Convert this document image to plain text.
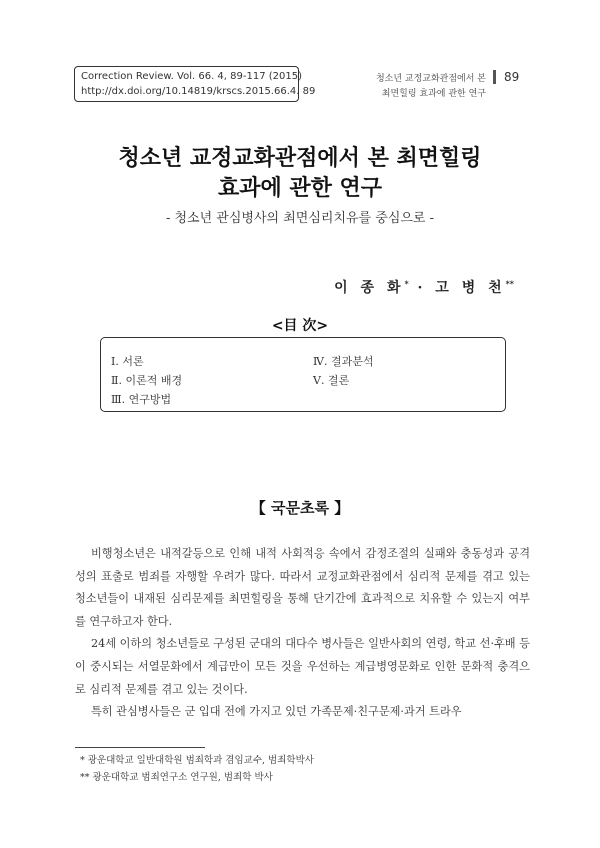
Correction Review. Vol. 66. 4, 89-117 (2015)
http://dx.doi.org/10.14819/krscs.2015.66.4. 89
청소년 교정교화관점에서 본
최면힐링 효과에 관한 연구
89
청소년 교정교화관점에서 본 최면힐링
효과에 관한 연구
- 청소년 관심병사의 최면심리치유를 중심으로 -
이 종 화* · 고 병 천**
<目 次>
Ⅰ. 서론
Ⅱ. 이론적 배경
Ⅲ. 연구방법
Ⅳ. 결과분석
Ⅴ. 결론
【 국문초록 】

비행청소년은 내적갈등으로 인해 내적 사회적응 속에서 감정조절의 실패와 충동성과 공격성의 표출로 범죄를 자행할 우려가 많다. 따라서 교정교화관점에서 심리적 문제를 겪고 있는 청소년들이 내재된 심리문제를 최면힐링을 통해 단기간에 효과적으로 치유할 수 있는지 여부를 연구하고자 한다.

24세 이하의 청소년들로 구성된 군대의 대다수 병사들은 일반사회의 연령, 학교 선·후배 등이 중시되는 서열문화에서 계급만이 모든 것을 우선하는 계급병영문화로 인한 문화적 충격으로 심리적 문제를 겪고 있는 것이다.

특히 관심병사들은 군 입대 전에 가지고 있던 가족문제·친구문제·과거 트라우

* 광운대학교 일반대학원 범죄학과 겸임교수, 범죄학박사
** 광운대학교 범죄연구소 연구원, 범죄학 박사
